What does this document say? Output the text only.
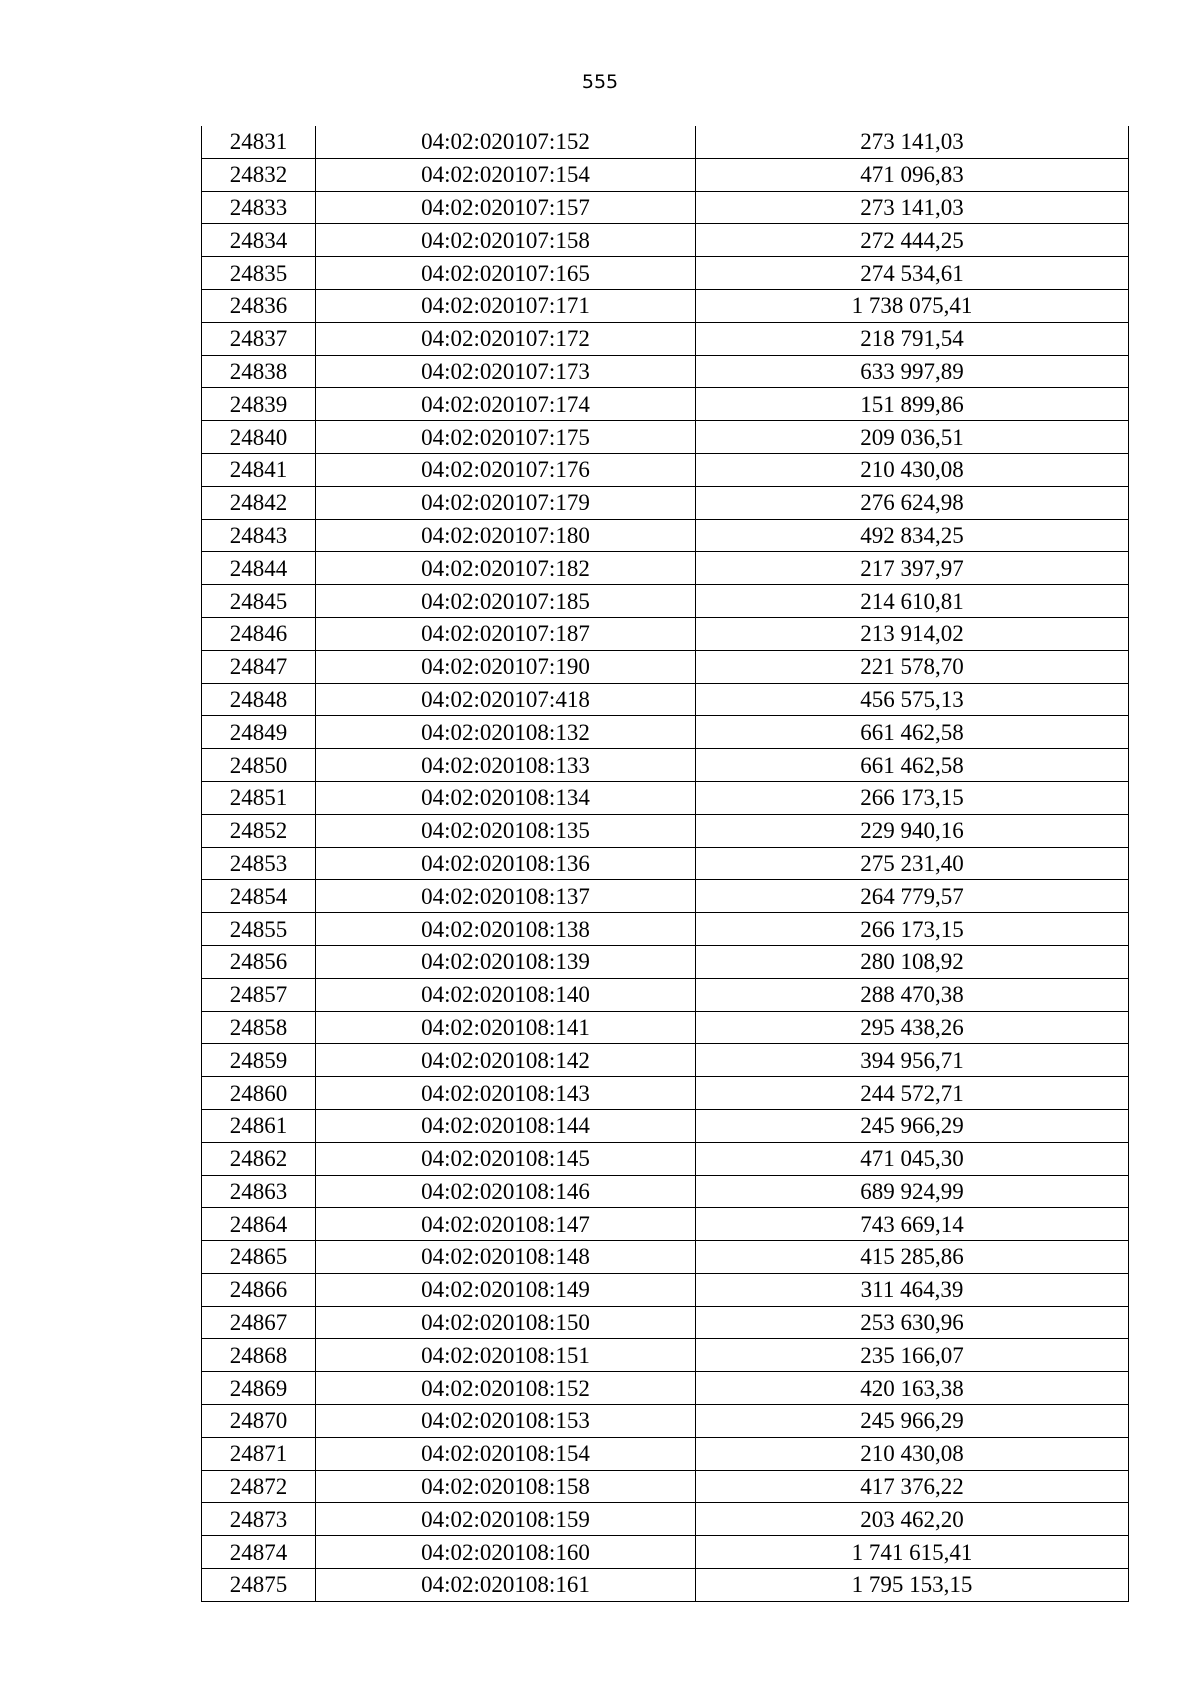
555
24831	04:02:020107:152	273 141,03
24832	04:02:020107:154	471 096,83
24833	04:02:020107:157	273 141,03
24834	04:02:020107:158	272 444,25
24835	04:02:020107:165	274 534,61
24836	04:02:020107:171	1 738 075,41
24837	04:02:020107:172	218 791,54
24838	04:02:020107:173	633 997,89
24839	04:02:020107:174	151 899,86
24840	04:02:020107:175	209 036,51
24841	04:02:020107:176	210 430,08
24842	04:02:020107:179	276 624,98
24843	04:02:020107:180	492 834,25
24844	04:02:020107:182	217 397,97
24845	04:02:020107:185	214 610,81
24846	04:02:020107:187	213 914,02
24847	04:02:020107:190	221 578,70
24848	04:02:020107:418	456 575,13
24849	04:02:020108:132	661 462,58
24850	04:02:020108:133	661 462,58
24851	04:02:020108:134	266 173,15
24852	04:02:020108:135	229 940,16
24853	04:02:020108:136	275 231,40
24854	04:02:020108:137	264 779,57
24855	04:02:020108:138	266 173,15
24856	04:02:020108:139	280 108,92
24857	04:02:020108:140	288 470,38
24858	04:02:020108:141	295 438,26
24859	04:02:020108:142	394 956,71
24860	04:02:020108:143	244 572,71
24861	04:02:020108:144	245 966,29
24862	04:02:020108:145	471 045,30
24863	04:02:020108:146	689 924,99
24864	04:02:020108:147	743 669,14
24865	04:02:020108:148	415 285,86
24866	04:02:020108:149	311 464,39
24867	04:02:020108:150	253 630,96
24868	04:02:020108:151	235 166,07
24869	04:02:020108:152	420 163,38
24870	04:02:020108:153	245 966,29
24871	04:02:020108:154	210 430,08
24872	04:02:020108:158	417 376,22
24873	04:02:020108:159	203 462,20
24874	04:02:020108:160	1 741 615,41
24875	04:02:020108:161	1 795 153,15
